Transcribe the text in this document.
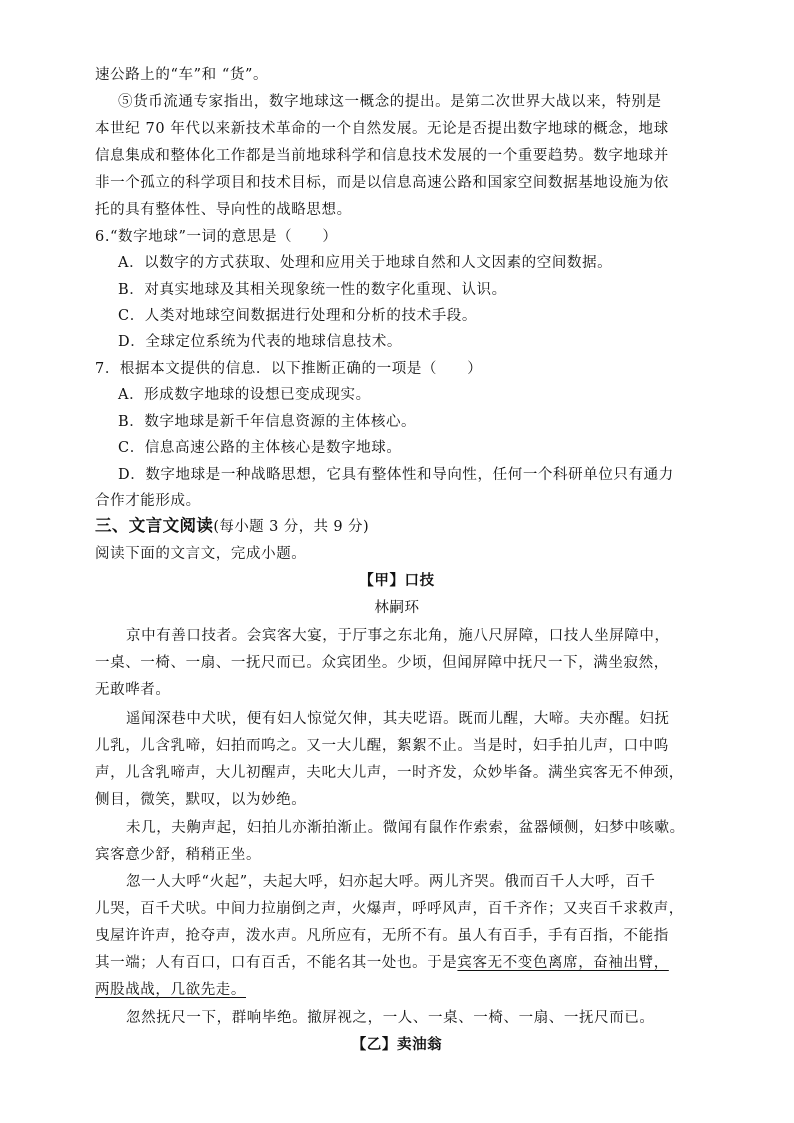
速公路上的“车”和 “货”。
⑤货币流通专家指出，数字地球这一概念的提出。是第二次世界大战以来，特别是
本世纪 70 年代以来新技术革命的一个自然发展。无论是否提出数字地球的概念，地球
信息集成和整体化工作都是当前地球科学和信息技术发展的一个重要趋势。数字地球并
非一个孤立的科学项目和技术目标，而是以信息高速公路和国家空间数据基地设施为依
托的具有整体性、导向性的战略思想。
6.“数字地球”一词的意思是（　　）
A．以数字的方式获取、处理和应用关于地球自然和人文因素的空间数据。
B．对真实地球及其相关现象统一性的数字化重现、认识。
C．人类对地球空间数据进行处理和分析的技术手段。
D．全球定位系统为代表的地球信息技术。
7．根据本文提供的信息．以下推断正确的一项是（　　）
A．形成数字地球的设想已变成现实。
B．数字地球是新千年信息资源的主体核心。
C．信息高速公路的主体核心是数字地球。
D．数字地球是一种战略思想，它具有整体性和导向性，任何一个科研单位只有通力
合作才能形成。
三、文言文阅读(每小题 3 分，共 9 分)
阅读下面的文言文，完成小题。
【甲】口技
林嗣环
京中有善口技者。会宾客大宴，于厅事之东北角，施八尺屏障，口技人坐屏障中，
一桌、一椅、一扇、一抚尺而已。众宾团坐。少顷，但闻屏障中抚尺一下，满坐寂然，
无敢哗者。
遥闻深巷中犬吠，便有妇人惊觉欠伸，其夫呓语。既而儿醒，大啼。夫亦醒。妇抚
儿乳，儿含乳啼，妇拍而呜之。又一大儿醒，絮絮不止。当是时，妇手拍儿声，口中呜
声，儿含乳啼声，大儿初醒声，夫叱大儿声，一时齐发，众妙毕备。满坐宾客无不伸颈，
侧目，微笑，默叹，以为妙绝。
未几，夫齁声起，妇拍儿亦渐拍渐止。微闻有鼠作作索索，盆器倾侧，妇梦中咳嗽。
宾客意少舒，稍稍正坐。
忽一人大呼“火起”，夫起大呼，妇亦起大呼。两儿齐哭。俄而百千人大呼，百千
儿哭，百千犬吠。中间力拉崩倒之声，火爆声，呼呼风声，百千齐作；又夹百千求救声，
曳屋许许声，抢夺声，泼水声。凡所应有，无所不有。虽人有百手，手有百指，不能指
其一端；人有百口，口有百舌，不能名其一处也。于是宾客无不变色离席，奋袖出臂，
两股战战，几欲先走。
忽然抚尺一下，群响毕绝。撤屏视之，一人、一桌、一椅、一扇、一抚尺而已。
【乙】卖油翁
